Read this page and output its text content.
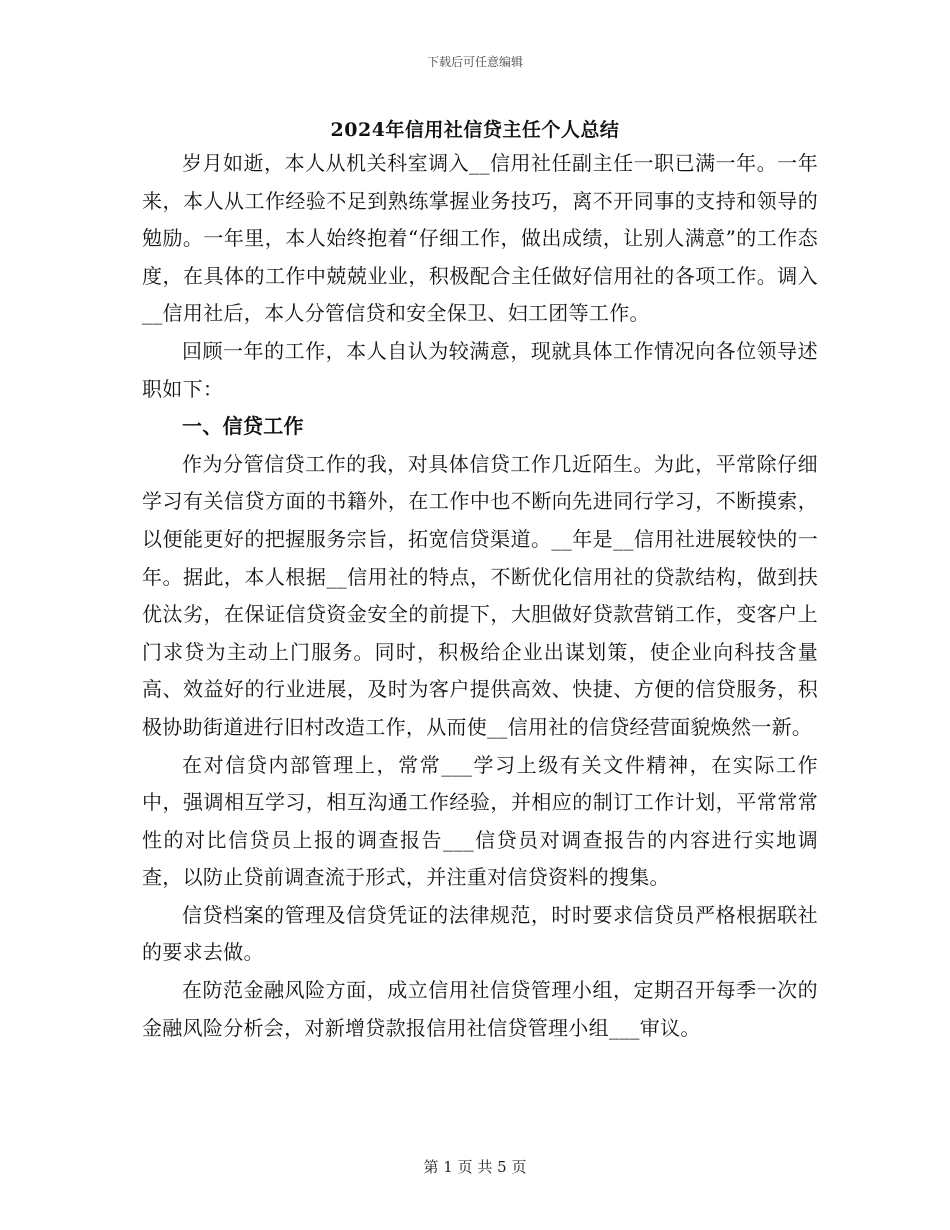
下载后可任意编辑
2024年信用社信贷主任个人总结

岁月如逝，本人从机关科室调入__信用社任副主任一职已满一年。一年来，本人从工作经验不足到熟练掌握业务技巧，离不开同事的支持和领导的勉励。一年里，本人始终抱着“仔细工作，做出成绩，让别人满意”的工作态度，在具体的工作中兢兢业业，积极配合主任做好信用社的各项工作。调入__信用社后，本人分管信贷和安全保卫、妇工团等工作。

回顾一年的工作，本人自认为较满意，现就具体工作情况向各位领导述职如下：

一、信贷工作

作为分管信贷工作的我，对具体信贷工作几近陌生。为此，平常除仔细学习有关信贷方面的书籍外，在工作中也不断向先进同行学习，不断摸索，以便能更好的把握服务宗旨，拓宽信贷渠道。__年是__信用社进展较快的一年。据此，本人根据__信用社的特点，不断优化信用社的贷款结构，做到扶优汰劣，在保证信贷资金安全的前提下，大胆做好贷款营销工作，变客户上门求贷为主动上门服务。同时，积极给企业出谋划策，使企业向科技含量高、效益好的行业进展，及时为客户提供高效、快捷、方便的信贷服务，积极协助街道进行旧村改造工作，从而使__信用社的信贷经营面貌焕然一新。

在对信贷内部管理上，常常___学习上级有关文件精神，在实际工作中，强调相互学习，相互沟通工作经验，并相应的制订工作计划，平常常常性的对比信贷员上报的调查报告___信贷员对调查报告的内容进行实地调查，以防止贷前调查流于形式，并注重对信贷资料的搜集。

信贷档案的管理及信贷凭证的法律规范，时时要求信贷员严格根据联社的要求去做。

在防范金融风险方面，成立信用社信贷管理小组，定期召开每季一次的金融风险分析会，对新增贷款报信用社信贷管理小组___审议。

第 1 页 共 5 页
